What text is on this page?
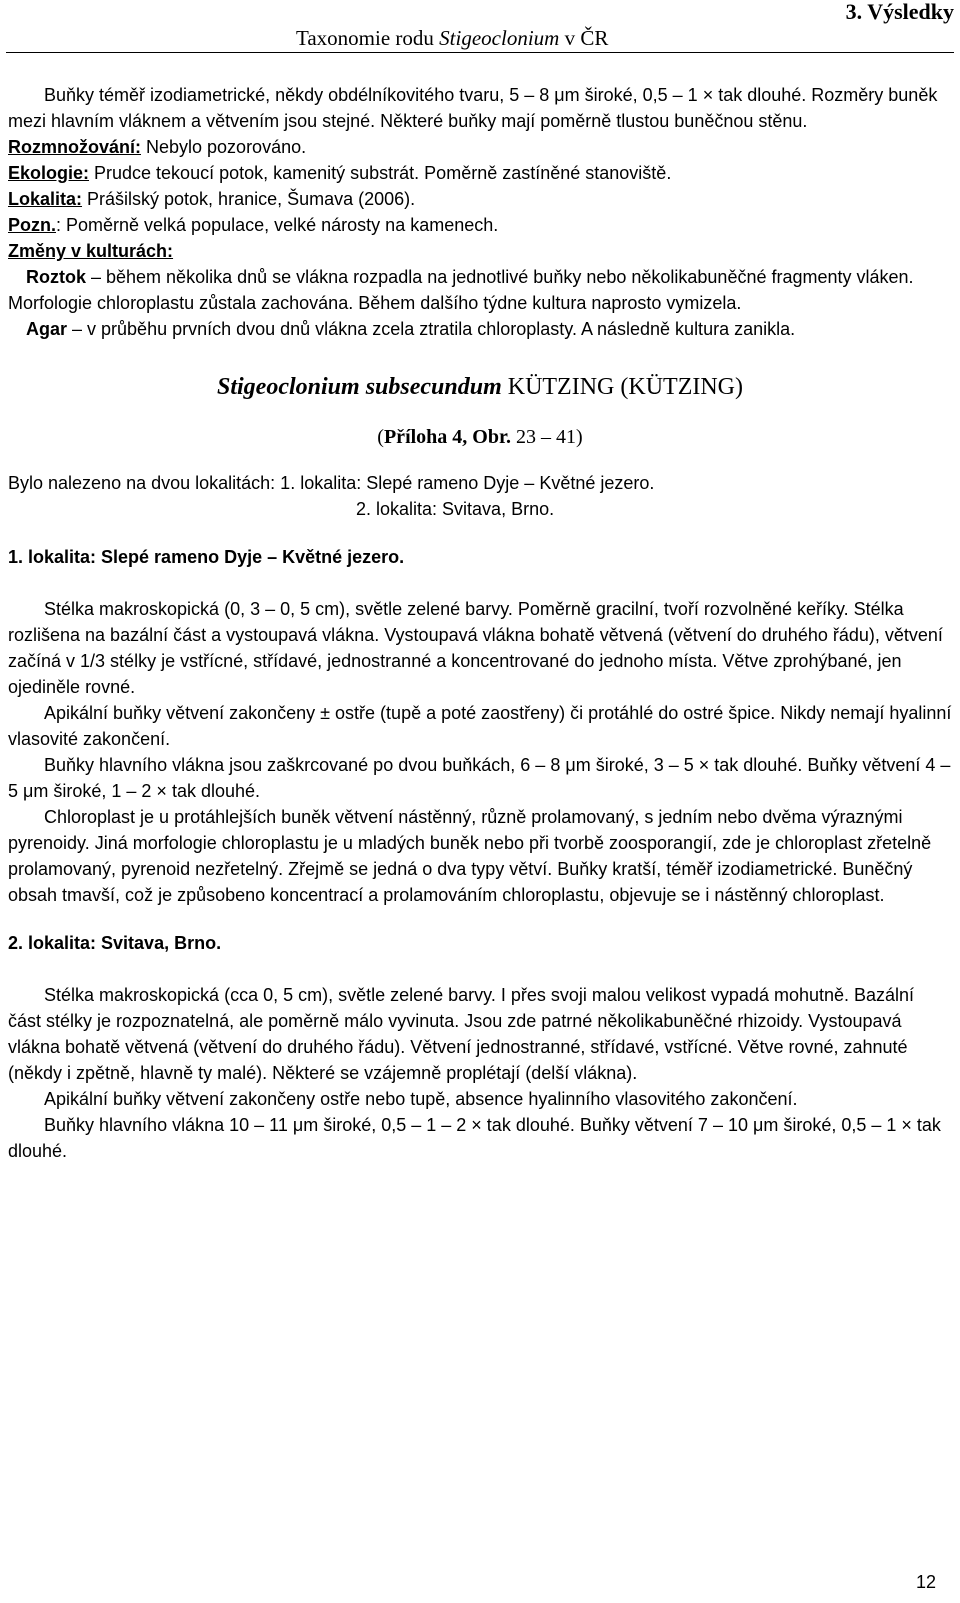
Taxonomie rodu Stigeoclonium v ČR
3. Výsledky

Buňky téměř izodiametrické, někdy obdélníkovitého tvaru, 5 – 8 μm široké, 0,5 – 1 × tak dlouhé. Rozměry buněk mezi hlavním vláknem a větvením jsou stejné. Některé buňky mají poměrně tlustou buněčnou stěnu.

Rozmnožování: Nebylo pozorováno.

Ekologie: Prudce tekoucí potok, kamenitý substrát. Poměrně zastíněné stanoviště.

Lokalita: Prášilský potok, hranice, Šumava (2006).

Pozn.: Poměrně velká populace, velké nárosty na kamenech.

Změny v kulturách:

Roztok – během několika dnů se vlákna rozpadla na jednotlivé buňky nebo několikabuněčné fragmenty vláken. Morfologie chloroplastu zůstala zachována. Během dalšího týdne kultura naprosto vymizela.

Agar – v průběhu prvních dvou dnů vlákna zcela ztratila chloroplasty. A následně kultura zanikla.

Stigeoclonium subsecundum KÜTZING (KÜTZING)

(Příloha 4, Obr. 23 – 41)

Bylo nalezeno na dvou lokalitách: 1. lokalita: Slepé rameno Dyje – Květné jezero.

2. lokalita: Svitava, Brno.

1. lokalita: Slepé rameno Dyje – Květné jezero.

Stélka makroskopická (0, 3 – 0, 5 cm), světle zelené barvy. Poměrně gracilní, tvoří rozvolněné keříky. Stélka rozlišena na bazální část a vystoupavá vlákna. Vystoupavá vlákna bohatě větvená (větvení do druhého řádu), větvení začíná v 1/3 stélky je vstřícné, střídavé, jednostranné a koncentrované do jednoho místa. Větve zprohýbané, jen ojediněle rovné.

Apikální buňky větvení zakončeny ± ostře (tupě a poté zaostřeny) či protáhlé do ostré špice. Nikdy nemají hyalinní vlasovité zakončení.

Buňky hlavního vlákna jsou zaškrcované po dvou buňkách, 6 – 8 μm široké, 3 – 5 × tak dlouhé. Buňky větvení 4 – 5 μm široké, 1 – 2 × tak dlouhé.

Chloroplast je u protáhlejších buněk větvení nástěnný, různě prolamovaný, s jedním nebo dvěma výraznými pyrenoidy. Jiná morfologie chloroplastu je u mladých buněk nebo při tvorbě zoosporangií, zde je chloroplast zřetelně prolamovaný, pyrenoid nezřetelný. Zřejmě se jedná o dva typy větví. Buňky kratší, téměř izodiametrické. Buněčný obsah tmavší, což je způsobeno koncentrací a prolamováním chloroplastu, objevuje se i nástěnný chloroplast.

2. lokalita: Svitava, Brno.

Stélka makroskopická (cca 0, 5 cm), světle zelené barvy. I přes svoji malou velikost vypadá mohutně. Bazální část stélky je rozpoznatelná, ale poměrně málo vyvinuta. Jsou zde patrné několikabuněčné rhizoidy. Vystoupavá vlákna bohatě větvená (větvení do druhého řádu). Větvení jednostranné, střídavé, vstřícné. Větve rovné, zahnuté (někdy i zpětně, hlavně ty malé). Některé se vzájemně proplétají (delší vlákna).

Apikální buňky větvení zakončeny ostře nebo tupě, absence hyalinního vlasovitého zakončení.

Buňky hlavního vlákna 10 – 11 μm široké, 0,5 – 1 – 2 × tak dlouhé. Buňky větvení 7 – 10 μm široké, 0,5 – 1 × tak dlouhé.

12
